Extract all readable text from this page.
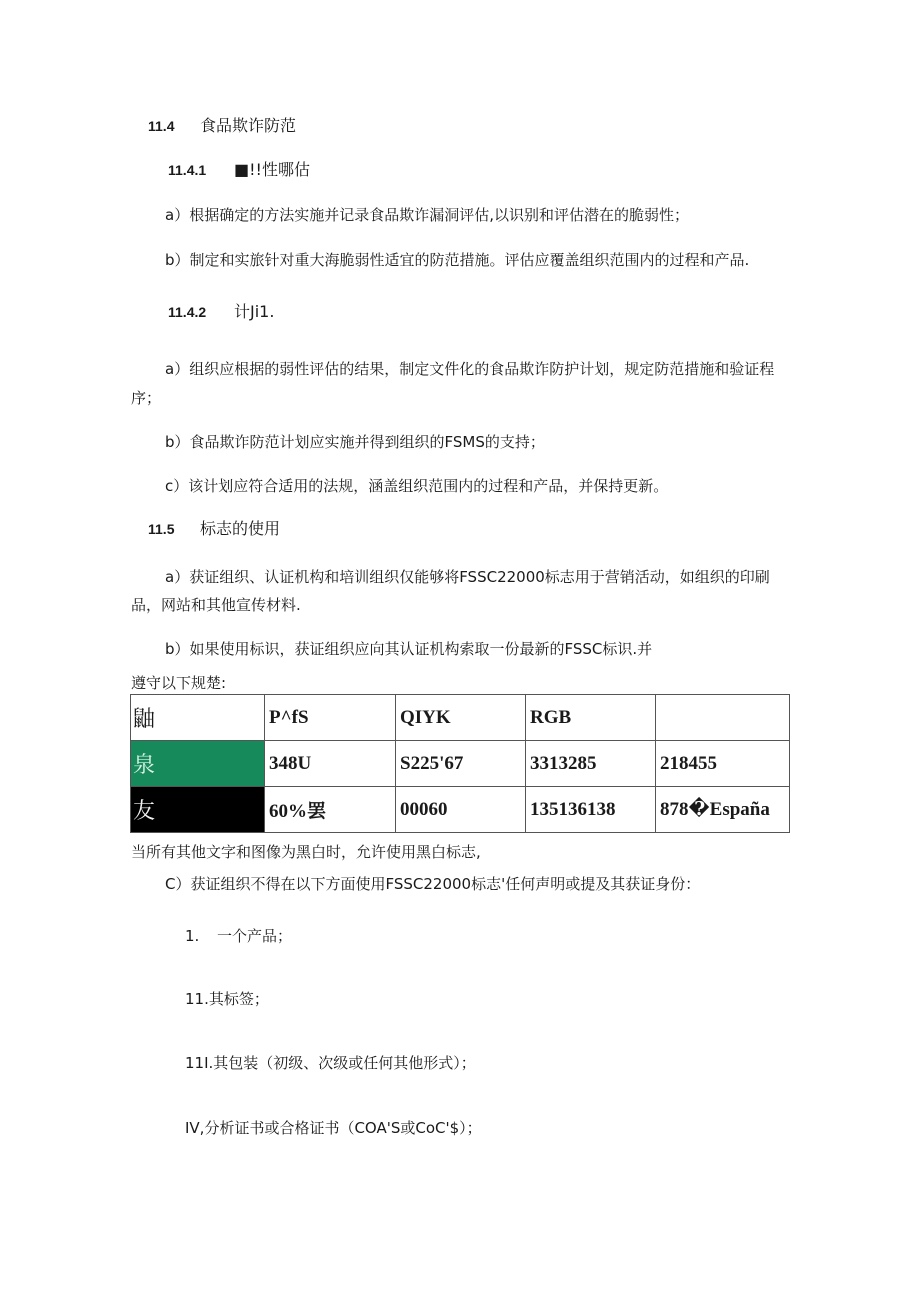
11.4 食品欺诈防范
11.4.1 ■!!性哪估
a）根据确定的方法实施并记录食品欺诈漏洞评估,以识别和评估潜在的脆弱性；
b）制定和实旅针对重大海脆弱性适宜的防范措施。评估应覆盖组织范围内的过程和产品.
11.4.2 计Ji1.
a）组织应根据的弱性评估的结果，制定文件化的食品欺诈防护计划，规定防范措施和验证程
序；
b）食品欺诈防范计划应实施并得到组织的FSMS的支持；
c）该计划应符合适用的法规，涵盖组织范围内的过程和产品，并保持更新。
11.5 标志的使用
a）获证组织、认证机构和培训组织仅能够将FSSC22000标志用于营销活动，如组织的印刷
品，网站和其他宣传材料.
b）如果使用标识，获证组织应向其认证机构索取一份最新的FSSC标识.并
遵守以下规楚:
鼬	P^fS	QIYK	RGB	
泉	348U	S225'67	3313285	218455
友	60%罢	00060	135136138	878�España
当所有其他文字和图像为黑白时，允许使用黑白标志,
C）获证组织不得在以下方面使用FSSC22000标志'任何声明或提及其获证身份：
1. 一个产品；
11.其标签；
11I.其包装（初级、次级或任何其他形式）；
IV,分析证书或合格证书（COA'S或CoC'$）；
